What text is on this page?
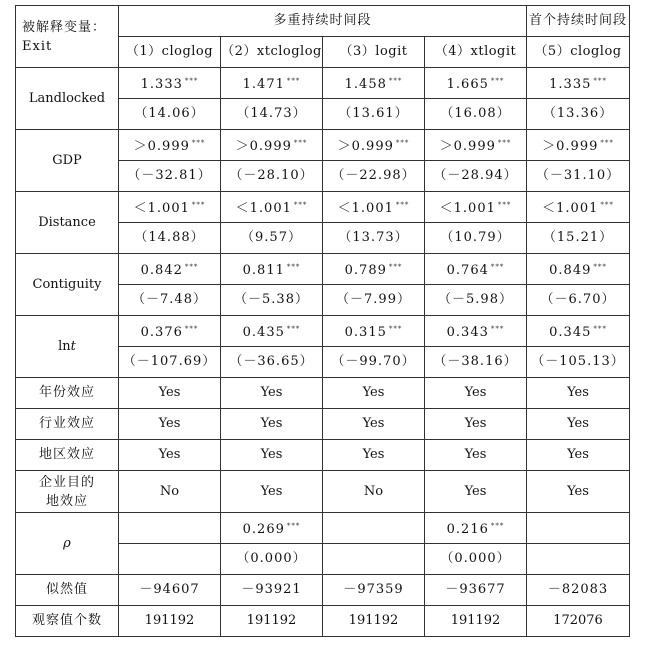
被解释变量：
Exit	多重持续时间段				首个持续时间段
	（1）cloglog	（2）xtcloglog	（3）logit	（4）xtlogit	（5）cloglog
Landlocked	1.333 ***	1.471 ***	1.458 ***	1.665 ***	1.335 ***
	（14.06）	（14.73）	（13.61）	（16.08）	（13.36）
GDP	＞0.999 ***	＞0.999 ***	＞0.999 ***	＞0.999 ***	＞0.999 ***
	（－32.81）	（－28.10）	（－22.98）	（－28.94）	（－31.10）
Distance	＜1.001 ***	＜1.001 ***	＜1.001 ***	＜1.001 ***	＜1.001 ***
	（14.88）	（9.57）	（13.73）	（10.79）	（15.21）
Contiguity	0.842 ***	0.811 ***	0.789 ***	0.764 ***	0.849 ***
	（－7.48）	（－5.38）	（－7.99）	（－5.98）	（－6.70）
lnt	0.376 ***	0.435 ***	0.315 ***	0.343 ***	0.345 ***
	（－107.69）	（－36.65）	（－99.70）	（－38.16）	（－105.13）
年份效应	Yes	Yes	Yes	Yes	Yes
行业效应	Yes	Yes	Yes	Yes	Yes
地区效应	Yes	Yes	Yes	Yes	Yes
企业目的
地效应	No	Yes	No	Yes	Yes
ρ		0.269 ***		0.216 ***	
		（0.000）		（0.000）	
似然值	－94607	－93921	－97359	－93677	－82083
观察值个数	191192	191192	191192	191192	172076
